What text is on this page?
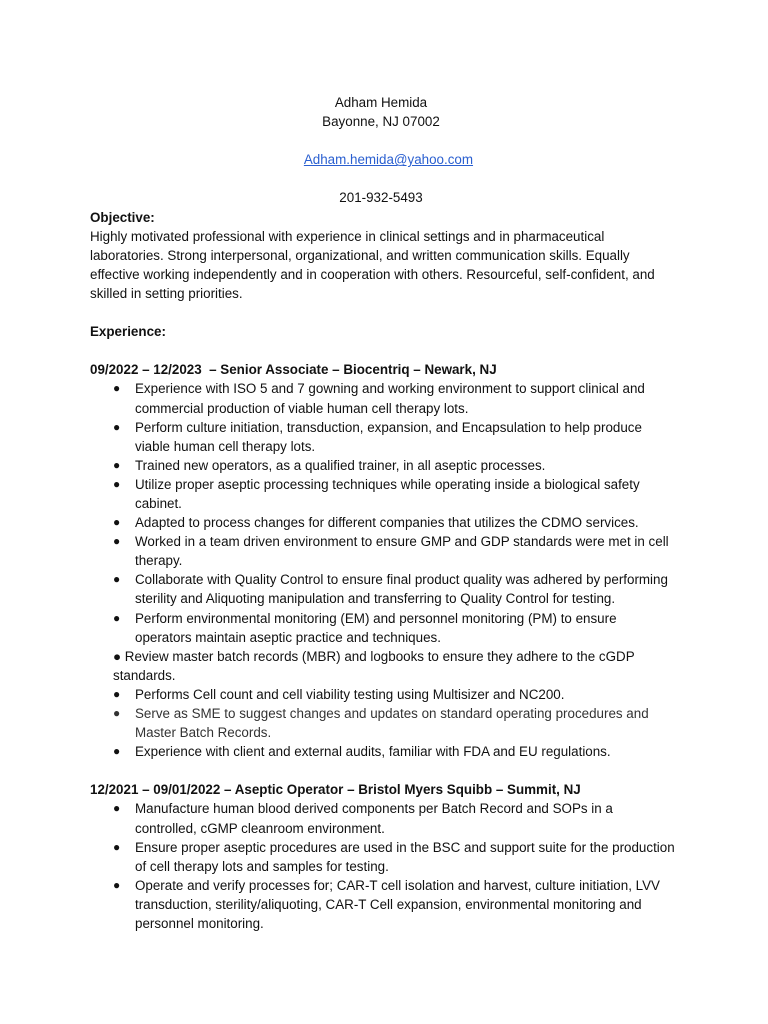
Adham Hemida
Bayonne, NJ 07002

Adham.hemida@yahoo.com

201-932-5493
Objective:
Highly motivated professional with experience in clinical settings and in pharmaceutical laboratories. Strong interpersonal, organizational, and written communication skills. Equally effective working independently and in cooperation with others. Resourceful, self-confident, and skilled in setting priorities.
Experience:
09/2022 – 12/2023  – Senior Associate – Biocentriq – Newark, NJ
● Experience with ISO 5 and 7 gowning and working environment to support clinical and commercial production of viable human cell therapy lots.
● Perform culture initiation, transduction, expansion, and Encapsulation to help produce viable human cell therapy lots.
● Trained new operators, as a qualified trainer, in all aseptic processes.
● Utilize proper aseptic processing techniques while operating inside a biological safety cabinet.
● Adapted to process changes for different companies that utilizes the CDMO services.
● Worked in a team driven environment to ensure GMP and GDP standards were met in cell therapy.
● Collaborate with Quality Control to ensure final product quality was adhered by performing sterility and Aliquoting manipulation and transferring to Quality Control for testing.
● Perform environmental monitoring (EM) and personnel monitoring (PM) to ensure operators maintain aseptic practice and techniques.
● Review master batch records (MBR) and logbooks to ensure they adhere to the cGDP standards.
● Performs Cell count and cell viability testing using Multisizer and NC200.
● Serve as SME to suggest changes and updates on standard operating procedures and Master Batch Records.
● Experience with client and external audits, familiar with FDA and EU regulations.
12/2021 – 09/01/2022 – Aseptic Operator – Bristol Myers Squibb – Summit, NJ
● Manufacture human blood derived components per Batch Record and SOPs in a controlled, cGMP cleanroom environment.
● Ensure proper aseptic procedures are used in the BSC and support suite for the production of cell therapy lots and samples for testing.
● Operate and verify processes for; CAR-T cell isolation and harvest, culture initiation, LVV transduction, sterility/aliquoting, CAR-T Cell expansion, environmental monitoring and personnel monitoring.
